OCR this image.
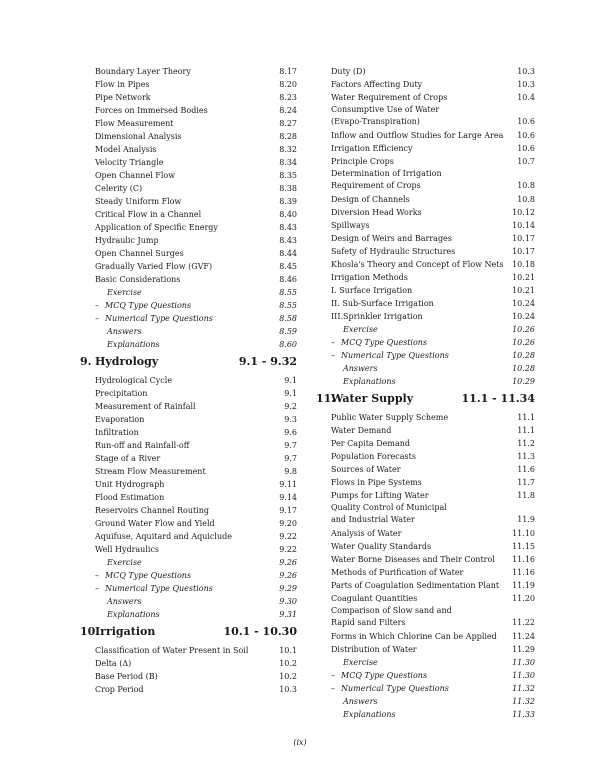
Boundary Layer Theory	8.17
Flow in Pipes	8.20
Pipe Network	8.23
Forces on Immersed Bodies	8.24
Flow Measurement	8.27
Dimensional Analysis	8.28
Model Analysis	8.32
Velocity Triangle	8.34
Open Channel Flow	8.35
Celerity (C)	8.38
Steady Uniform Flow	8.39
Critical Flow in a Channel	8.40
Application of Specific Energy	8.43
Hydraulic Jump	8.43
Open Channel Surges	8.44
Gradually Varied Flow (GVF)	8.45
Basic Considerations	8.46
Exercise	8.55
– MCQ Type Questions	8.55
– Numerical Type Questions	8.58
Answers	8.59
Explanations	8.60
9. Hydrology	9.1 - 9.32
Hydrological Cycle	9.1
Precipitation	9.1
Measurement of Rainfall	9.2
Evaporation	9.3
Infiltration	9.6
Run-off and Rainfall-off	9.7
Stage of a River	9.7
Stream Flow Measurement	9.8
Unit Hydrograph	9.11
Flood Estimation	9.14
Reservoirs Channel Routing	9.17
Ground Water Flow and Yield	9.20
Aquifuse, Aquitard and Aquiclude	9.22
Well Hydraulics	9.22
Exercise	9.26
– MCQ Type Questions	9.26
– Numerical Type Questions	9.29
Answers	9.30
Explanations	9.31
10.
Irrigation	10.1 - 10.30
Classification of Water Present in Soil	10.1
Delta (Δ)	10.2
Base Period (B)	10.2
Crop Period	10.3
Duty (D)	10.3
Factors Affecting Duty	10.3
Water Requirement of Crops	10.4
Consumptive Use of Water
(Evapo-Transpiration)	10.6
Inflow and Outflow Studies for Large Area 10.6
Irrigation Efficiency	10.6
Principle Crops	10.7
Determination of Irrigation
Requirement of Crops	10.8
Design of Channels	10.8
Diversion Head Works	10.12
Spillways	10.14
Design of Weirs and Barrages	10.17
Safety of Hydraulic Structures	10.17
Khosla's Theory and Concept of Flow Nets 10.18
Irrigation Methods	10.21
I. Surface Irrigation	10.21
II. Sub-Surface Irrigation	10.24
III.Sprinkler Irrigation	10.24
Exercise	10.26
– MCQ Type Questions	10.26
– Numerical Type Questions	10.28
Answers	10.28
Explanations	10.29
11.
Water Supply	11.1 - 11.34
Public Water Supply Scheme	11.1
Water Demand	11.1
Per Capita Demand	11.2
Population Forecasts	11.3
Sources of Water	11.6
Flows in Pipe Systems	11.7
Pumps for Lifting Water	11.8
Quality Control of Municipal
and Industrial Water	11.9
Analysis of Water	11.10
Water Quality Standards	11.15
Water Borne Diseases and Their Control 11.16
Methods of Purification of Water	11.16
Parts of Coagulation Sedimentation Plant 11.19
Coagulant Quantities	11.20
Comparison of Slow sand and
Rapid sand Filters	11.22
Forms in Which Chlorine Can be Applied 11.24
Distribution of Water	11.29
Exercise	11.30
– MCQ Type Questions	11.30
– Numerical Type Questions	11.32
Answers	11.32
Explanations	11.33
(ix)
